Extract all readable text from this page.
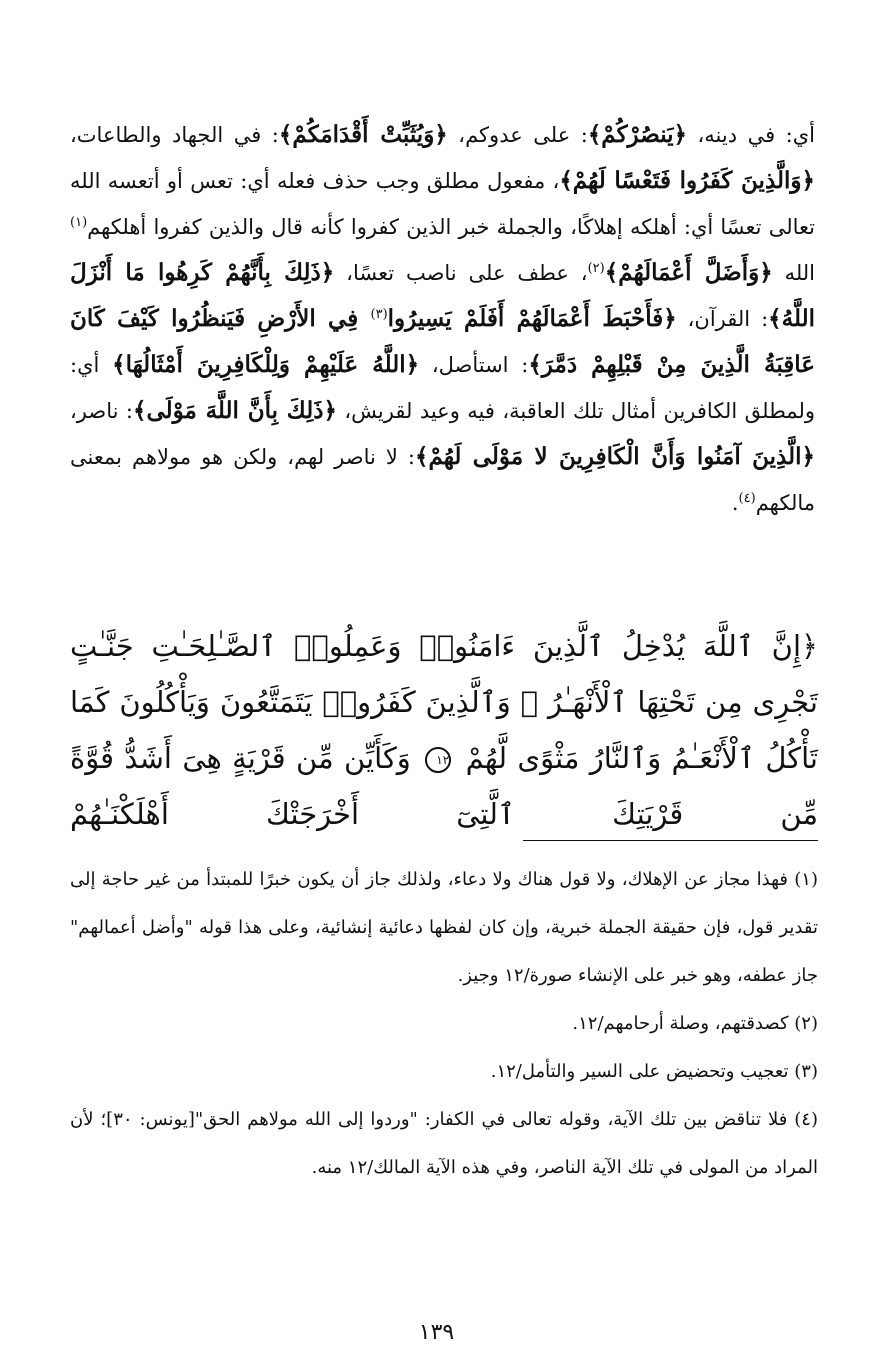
أي: في دينه، ﴿يَنصُرْكُمْ﴾: على عدوكم، ﴿وَيُثَبِّتْ أَقْدَامَكُمْ﴾: في الجهاد والطاعات، ﴿وَالَّذِينَ كَفَرُوا فَتَعْسًا لَهُمْ﴾، مفعول مطلق وجب حذف فعله أي: تعس أو أتعسه الله تعالى تعسًا أي: أهلكه إهلاكًا، والجملة خبر الذين كفروا كأنه قال والذين كفروا أهلكهم$^{(١)}$ الله ﴿وَأَضَلَّ أَعْمَالَهُمْ﴾$^{(٢)}$، عطف على ناصب تعسًا، ﴿ذَلِكَ بِأَنَّهُمْ كَرِهُوا مَا أَنْزَلَ اللَّهُ﴾: القرآن، ﴿فَأَحْبَطَ أَعْمَالَهُمْ أَفَلَمْ يَسِيرُوا$^{(٣)}$ فِي الأَرْضِ فَيَنظُرُوا كَيْفَ كَانَ عَاقِبَةُ الَّذِينَ مِنْ قَبْلِهِمْ دَمَّرَ﴾: استأصل، ﴿اللَّهُ عَلَيْهِمْ وَلِلْكَافِرِينَ أَمْثَالُهَا﴾ أي: ولمطلق الكافرين أمثال تلك العاقبة، فيه وعيد لقريش، ﴿ذَلِكَ بِأَنَّ اللَّهَ مَوْلَى﴾: ناصر، ﴿الَّذِينَ آمَنُوا وَأَنَّ الْكَافِرِينَ لا مَوْلَى لَهُمْ﴾: لا ناصر لهم، ولكن هو مولاهم بمعنى مالكهم$^{(٤)}$.

﴿إِنَّ ٱللَّهَ يُدْخِلُ ٱلَّذِينَ ءَامَنُوا۟ وَعَمِلُوا۟ ٱلصَّـٰلِحَـٰتِ جَنَّـٰتٍ تَجْرِى مِن تَحْتِهَا ٱلْأَنْهَـٰرُ ۖ وَٱلَّذِينَ كَفَرُوا۟ يَتَمَتَّعُونَ وَيَأْكُلُونَ كَمَا تَأْكُلُ ٱلْأَنْعَـٰمُ وَٱلنَّارُ مَثْوًى لَّهُمْ ١٢ وَكَأَيِّن مِّن قَرْيَةٍ هِىَ أَشَدُّ قُوَّةً مِّن قَرْيَتِكَ ٱلَّتِىٓ أَخْرَجَتْكَ أَهْلَكْنَـٰهُمْ

(١) فهذا مجاز عن الإهلاك، ولا قول هناك ولا دعاء، ولذلك جاز أن يكون خبرًا للمبتدأ من غير حاجة إلى تقدير قول، فإن حقيقة الجملة خبرية، وإن كان لفظها دعائية إنشائية، وعلى هذا قوله "وأضل أعمالهم" جاز عطفه، وهو خبر على الإنشاء صورة/١٢ وجيز.

(٢) كصدقتهم، وصلة أرحامهم/١٢.

(٣) تعجيب وتحضيض على السير والتأمل/١٢.

(٤) فلا تناقض بين تلك الآية، وقوله تعالى في الكفار: "وردوا إلى الله مولاهم الحق"[يونس: ٣٠]؛ لأن المراد من المولى في تلك الآية الناصر، وفي هذه الآية المالك/١٢ منه.

١٣٩
